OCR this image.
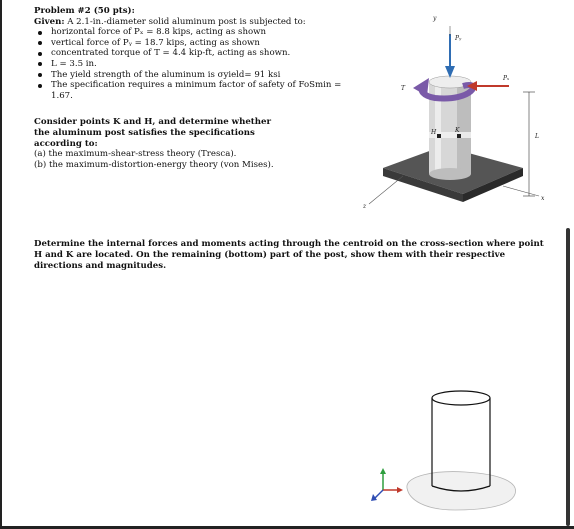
Problem #2 (50 pts):
Given: A 2.1-in.-diameter solid aluminum post is subjected to:
horizontal force of Pₓ = 8.8 kips, acting as shown
vertical force of Pᵧ = 18.7 kips, acting as shown
concentrated torque of T = 4.4 kip-ft, acting as shown.
L = 3.5 in.
The yield strength of the aluminum is σyield= 91 ksi
The specification requires a minimum factor of safety of FoSmin = 1.67.
Consider points K and H, and determine whether the aluminum post satisfies the specifications according to:
(a) the maximum-shear-stress theory (Tresca).
(b) the maximum-distortion-energy theory (von Mises).
Determine the internal forces and moments acting through the centroid on the cross-section where point H and K are located. On the remaining (bottom) part of the post, show them with their respective directions and magnitudes.
y
Pᵧ
Pₓ
T
H	K
L
x
z
